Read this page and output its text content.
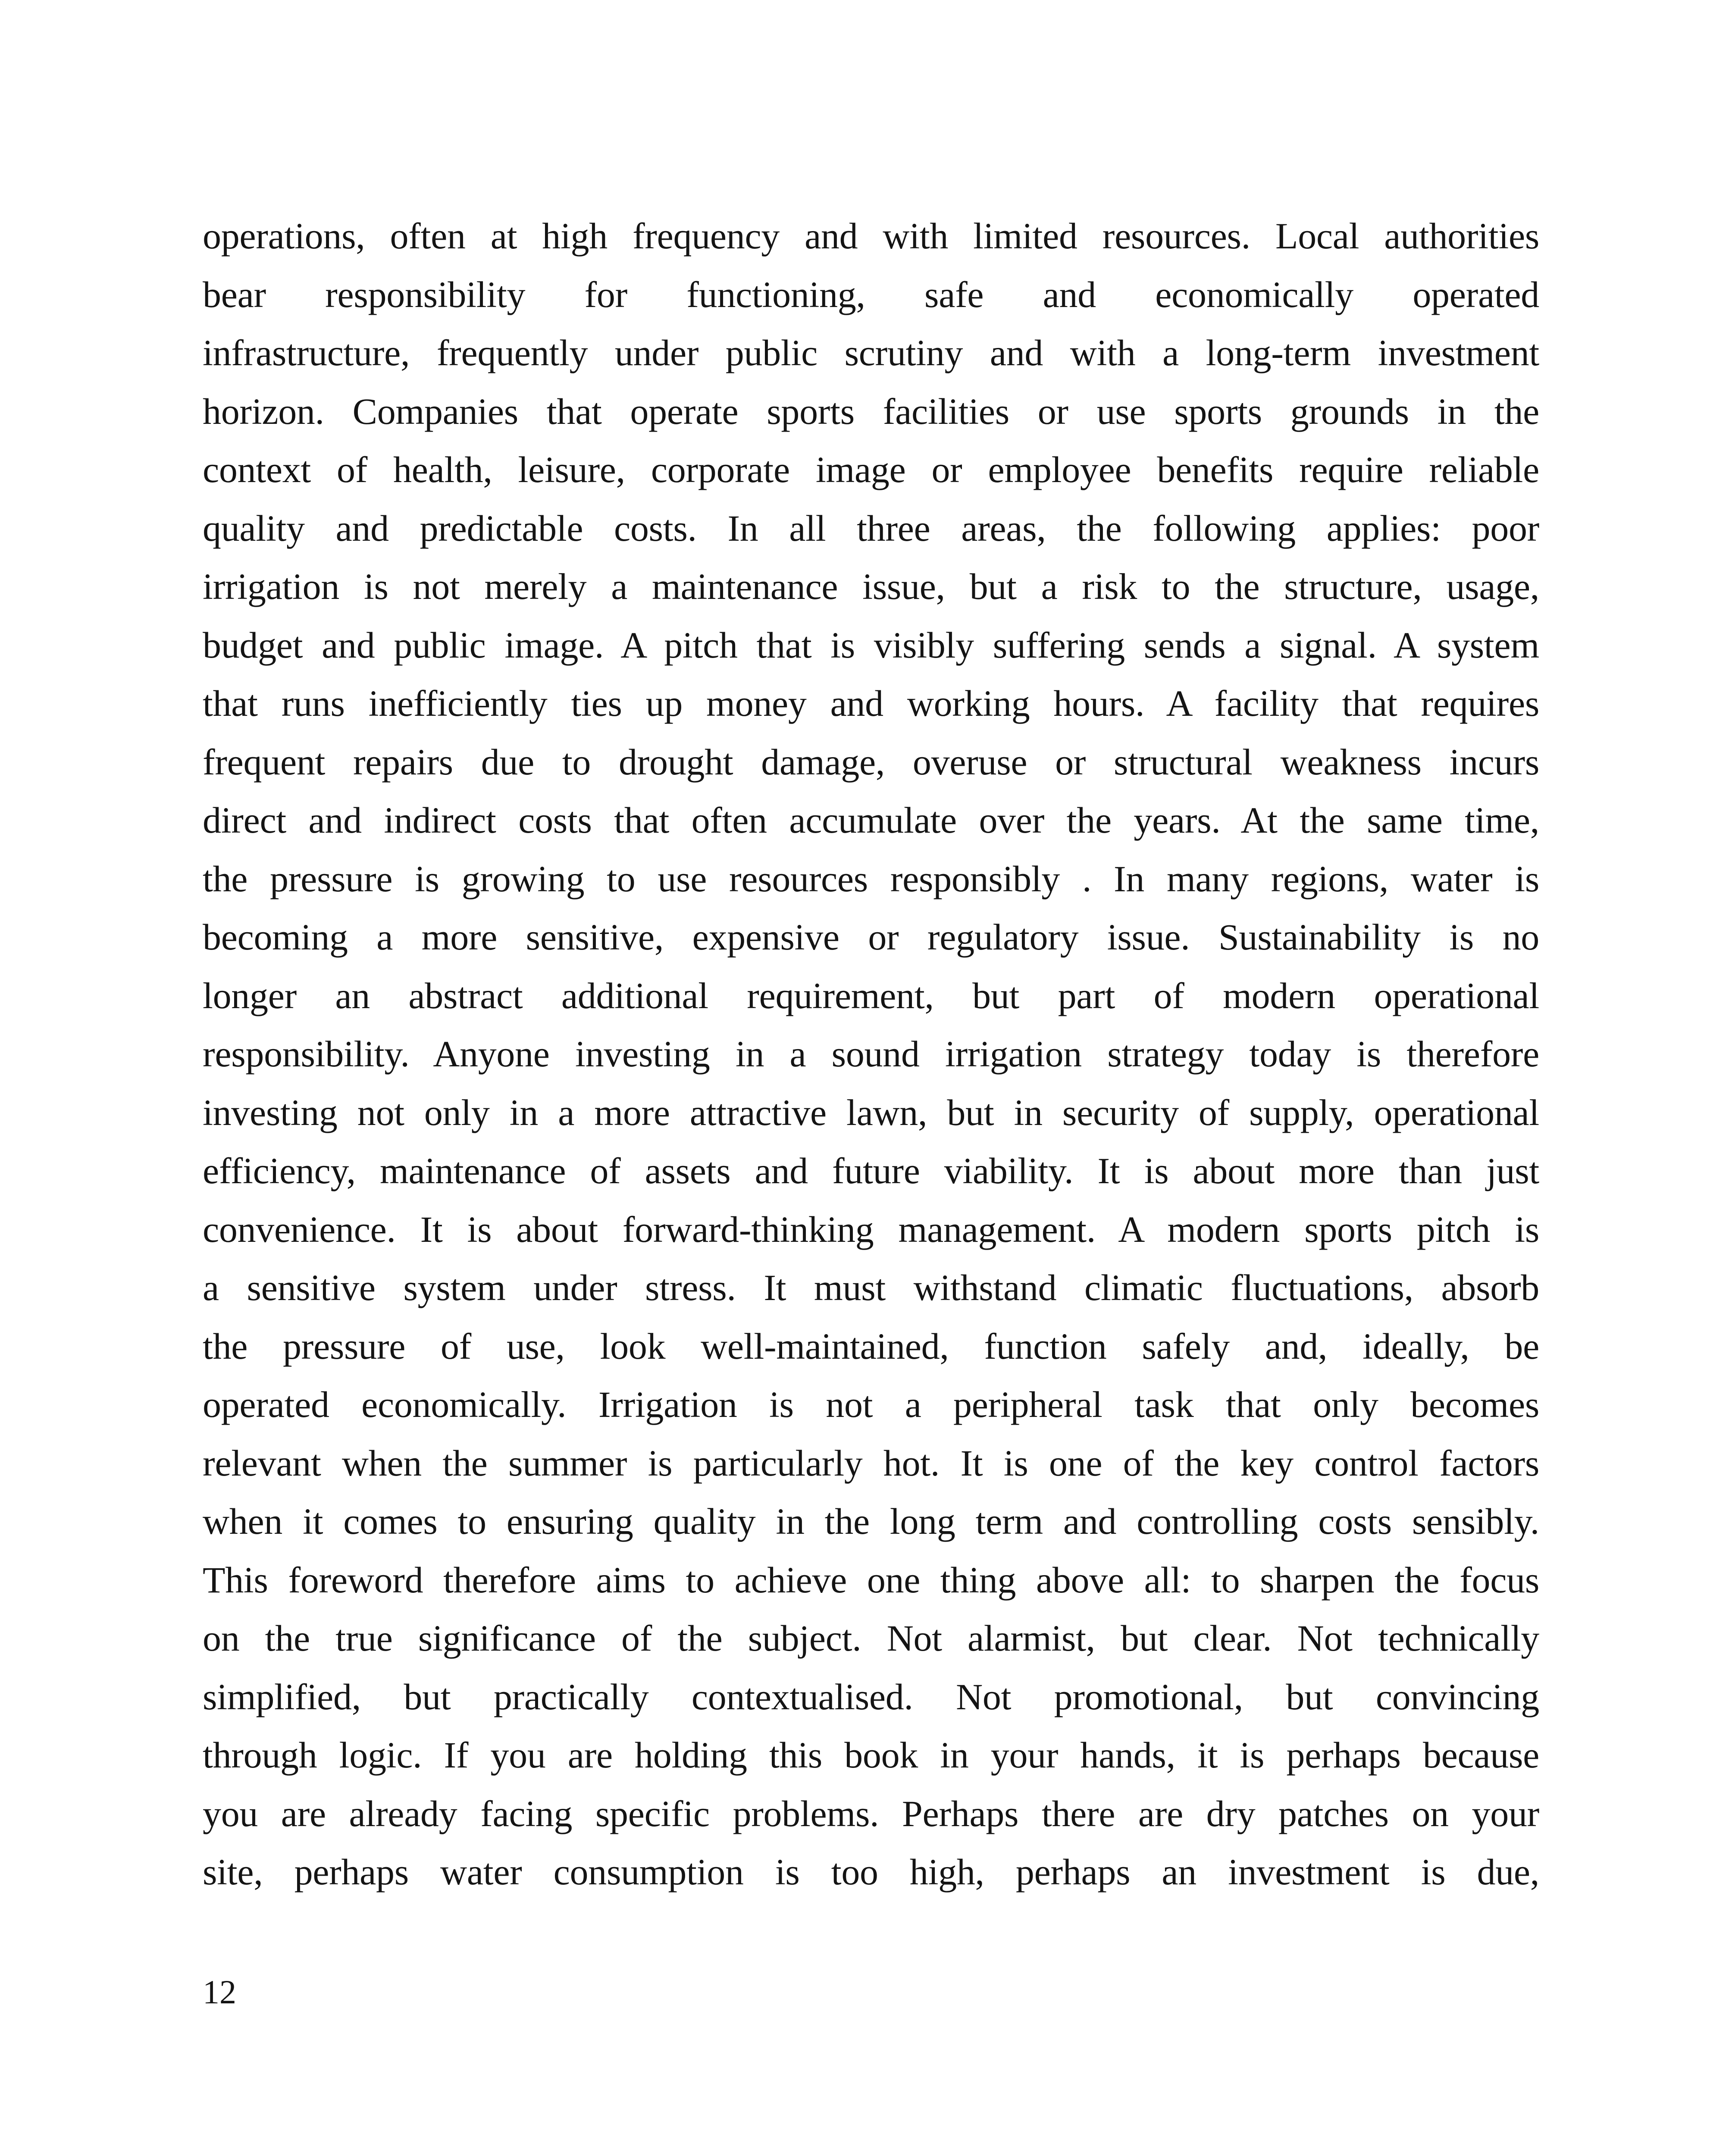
operations, often at high frequency and with limited resources. Local authorities
bear responsibility for functioning, safe and economically operated
infrastructure, frequently under public scrutiny and with a long-term investment
horizon. Companies that operate sports facilities or use sports grounds in the
context of health, leisure, corporate image or employee benefits require reliable
quality and predictable costs. In all three areas, the following applies: poor
irrigation is not merely a maintenance issue, but a risk to the structure, usage,
budget and public image. A pitch that is visibly suffering sends a signal. A system
that runs inefficiently ties up money and working hours. A facility that requires
frequent repairs due to drought damage, overuse or structural weakness incurs
direct and indirect costs that often accumulate over the years. At the same time,
the pressure is growing to use resources responsibly . In many regions, water is
becoming a more sensitive, expensive or regulatory issue. Sustainability is no
longer an abstract additional requirement, but part of modern operational
responsibility. Anyone investing in a sound irrigation strategy today is therefore
investing not only in a more attractive lawn, but in security of supply, operational
efficiency, maintenance of assets and future viability. It is about more than just
convenience. It is about forward-thinking management. A modern sports pitch is
a sensitive system under stress. It must withstand climatic fluctuations, absorb
the pressure of use, look well-maintained, function safely and, ideally, be
operated economically. Irrigation is not a peripheral task that only becomes
relevant when the summer is particularly hot. It is one of the key control factors
when it comes to ensuring quality in the long term and controlling costs sensibly.
This foreword therefore aims to achieve one thing above all: to sharpen the focus
on the true significance of the subject. Not alarmist, but clear. Not technically
simplified, but practically contextualised. Not promotional, but convincing
through logic. If you are holding this book in your hands, it is perhaps because
you are already facing specific problems. Perhaps there are dry patches on your
site, perhaps water consumption is too high, perhaps an investment is due,
12
